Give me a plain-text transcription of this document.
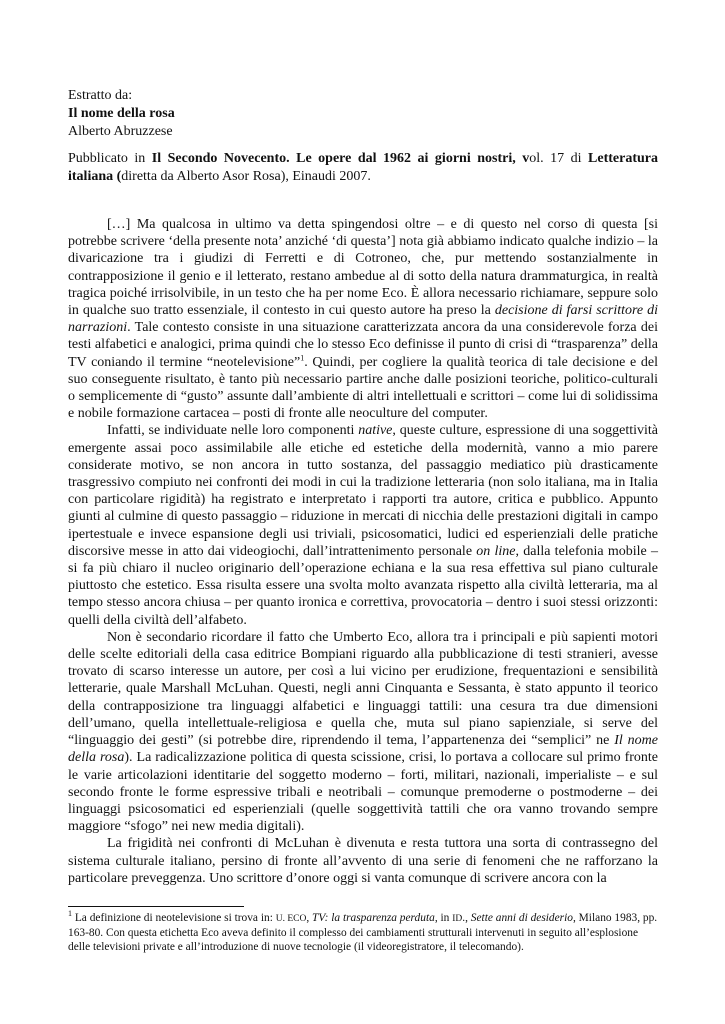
Estratto da:
Il nome della rosa
Alberto Abruzzese
Pubblicato in Il Secondo Novecento. Le opere dal 1962 ai giorni nostri, vol. 17 di Letteratura italiana (diretta da Alberto Asor Rosa), Einaudi 2007.

[…] Ma qualcosa in ultimo va detta spingendosi oltre – e di questo nel corso di questa [si potrebbe scrivere ‘della presente nota’ anziché ‘di questa’] nota già abbiamo indicato qualche indizio – la divaricazione tra i giudizi di Ferretti e di Cotroneo, che, pur mettendo sostanzialmente in contrapposizione il genio e il letterato, restano ambedue al di sotto della natura drammaturgica, in realtà tragica poiché irrisolvibile, in un testo che ha per nome Eco. È allora necessario richiamare, seppure solo in qualche suo tratto essenziale, il contesto in cui questo autore ha preso la decisione di farsi scrittore di narrazioni. Tale contesto consiste in una situazione caratterizzata ancora da una considerevole forza dei testi alfabetici e analogici, prima quindi che lo stesso Eco definisse il punto di crisi di “trasparenza” della TV coniando il termine “neotelevisione”$^1$. Quindi, per cogliere la qualità teorica di tale decisione e del suo conseguente risultato, è tanto più necessario partire anche dalle posizioni teoriche, politico-culturali o semplicemente di “gusto” assunte dall’ambiente di altri intellettuali e scrittori – come lui di solidissima e nobile formazione cartacea – posti di fronte alle neoculture del computer.

Infatti, se individuate nelle loro componenti native, queste culture, espressione di una soggettività emergente assai poco assimilabile alle etiche ed estetiche della modernità, vanno a mio parere considerate motivo, se non ancora in tutto sostanza, del passaggio mediatico più drasticamente trasgressivo compiuto nei confronti dei modi in cui la tradizione letteraria (non solo italiana, ma in Italia con particolare rigidità) ha registrato e interpretato i rapporti tra autore, critica e pubblico. Appunto giunti al culmine di questo passaggio – riduzione in mercati di nicchia delle prestazioni digitali in campo ipertestuale e invece espansione degli usi triviali, psicosomatici, ludici ed esperienziali delle pratiche discorsive messe in atto dai videogiochi, dall’intrattenimento personale on line, dalla telefonia mobile – si fa più chiaro il nucleo originario dell’operazione echiana e la sua resa effettiva sul piano culturale piuttosto che estetico. Essa risulta essere una svolta molto avanzata rispetto alla civiltà letteraria, ma al tempo stesso ancora chiusa – per quanto ironica e correttiva, provocatoria – dentro i suoi stessi orizzonti: quelli della civiltà dell’alfabeto.

Non è secondario ricordare il fatto che Umberto Eco, allora tra i principali e più sapienti motori delle scelte editoriali della casa editrice Bompiani riguardo alla pubblicazione di testi stranieri, avesse trovato di scarso interesse un autore, per così a lui vicino per erudizione, frequentazioni e sensibilità letterarie, quale Marshall McLuhan. Questi, negli anni Cinquanta e Sessanta, è stato appunto il teorico della contrapposizione tra linguaggi alfabetici e linguaggi tattili: una cesura tra due dimensioni dell’umano, quella intellettuale-religiosa e quella che, muta sul piano sapienziale, si serve del “linguaggio dei gesti” (si potrebbe dire, riprendendo il tema, l’appartenenza dei “semplici” ne Il nome della rosa). La radicalizzazione politica di questa scissione, crisi, lo portava a collocare sul primo fronte le varie articolazioni identitarie del soggetto moderno – forti, militari, nazionali, imperialiste – e sul secondo fronte le forme espressive tribali e neotribali – comunque premoderne o postmoderne – dei linguaggi psicosomatici ed esperienziali (quelle soggettività tattili che ora vanno trovando sempre maggiore “sfogo” nei new media digitali).

La frigidità nei confronti di McLuhan è divenuta e resta tuttora una sorta di contrassegno del sistema culturale italiano, persino di fronte all’avvento di una serie di fenomeni che ne rafforzano la particolare preveggenza. Uno scrittore d’onore oggi si vanta comunque di scrivere ancora con la

$^1$ La definizione di neotelevisione si trova in: U. ECO, TV: la trasparenza perduta, in ID., Sette anni di desiderio, Milano 1983, pp. 163-80. Con questa etichetta Eco aveva definito il complesso dei cambiamenti strutturali intervenuti in seguito all’esplosione delle televisioni private e all’introduzione di nuove tecnologie (il videoregistratore, il telecomando).
